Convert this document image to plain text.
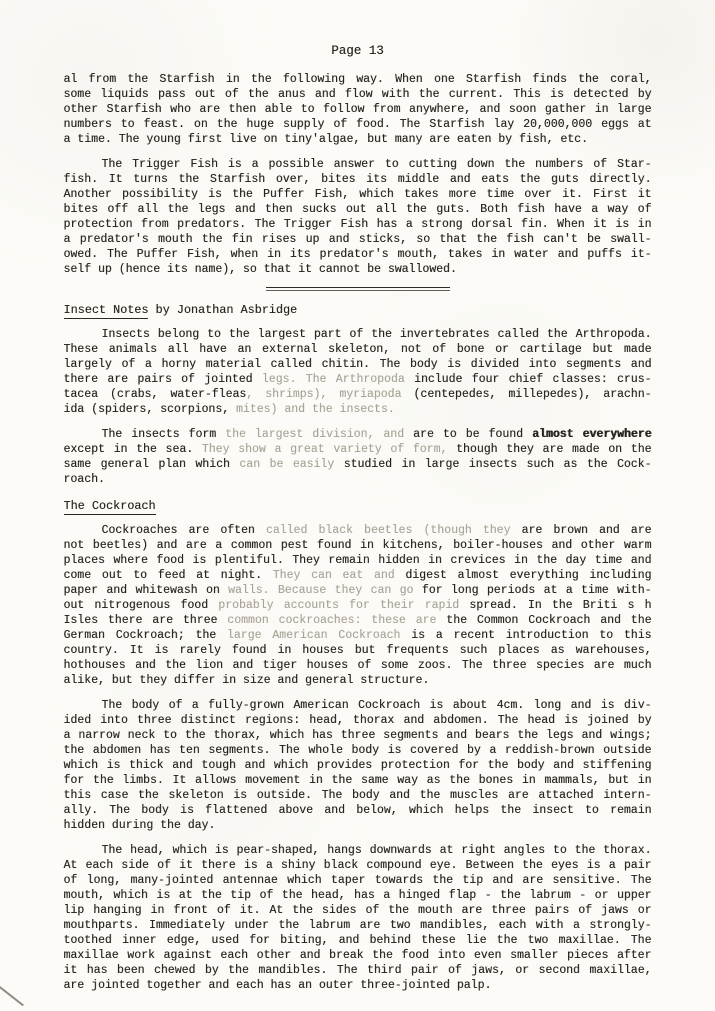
Page 13
al from the Starfish in the following way. When one Starfish finds the coral,
some liquids pass out of the anus and flow with the current. This is detected by
other Starfish who are then able to follow from anywhere, and soon gather in large
numbers to feast. on the huge supply of food. The Starfish lay 20,000,000 eggs at
a time. The young first live on tiny'algae, but many are eaten by fish, etc.
The Trigger Fish is a possible answer to cutting down the numbers of Star-
fish. It turns the Starfish over, bites its middle and eats the guts directly.
Another possibility is the Puffer Fish, which takes more time over it. First it
bites off all the legs and then sucks out all the guts. Both fish have a way of
protection from predators. The Trigger Fish has a strong dorsal fin. When it is in
a predator's mouth the fin rises up and sticks, so that the fish can't be swall-
owed. The Puffer Fish, when in its predator's mouth, takes in water and puffs it-
self up (hence its name), so that it cannot be swallowed.
Insect Notes by Jonathan Asbridge
Insects belong to the largest part of the invertebrates called the Arthropoda.
These animals all have an external skeleton, not of bone or cartilage but made
largely of a horny material called chitin. The body is divided into segments and
there are pairs of jointed legs. The Arthropoda include four chief classes: crus-
tacea (crabs, water-fleas, shrimps), myriapoda (centepedes, millepedes), arachn-
ida (spiders, scorpions, mites) and the insects.
The insects form the largest division, and are to be found almost everywhere
except in the sea. They show a great variety of form, though they are made on the
same general plan which can be easily studied in large insects such as the Cock-
roach.
The Cockroach
Cockroaches are often called black beetles (though they are brown and are
not beetles) and are a common pest found in kitchens, boiler-houses and other warm
places where food is plentiful. They remain hidden in crevices in the day time and
come out to feed at night. They can eat and digest almost everything including
paper and whitewash on walls. Because they can go for long periods at a time with-
out nitrogenous food probably accounts for their rapid spread. In the Briti s h
Isles there are three common cockroaches: these are the Common Cockroach and the
German Cockroach; the large American Cockroach is a recent introduction to this
country. It is rarely found in houses but frequents such places as warehouses,
hothouses and the lion and tiger houses of some zoos. The three species are much
alike, but they differ in size and general structure.
The body of a fully-grown American Cockroach is about 4cm. long and is div-
ided into three distinct regions: head, thorax and abdomen. The head is joined by
a narrow neck to the thorax, which has three segments and bears the legs and wings;
the abdomen has ten segments. The whole body is covered by a reddish-brown outside
which is thick and tough and which provides protection for the body and stiffening
for the limbs. It allows movement in the same way as the bones in mammals, but in
this case the skeleton is outside. The body and the muscles are attached intern-
ally. The body is flattened above and below, which helps the insect to remain
hidden during the day.
The head, which is pear-shaped, hangs downwards at right angles to the thorax.
At each side of it there is a shiny black compound eye. Between the eyes is a pair
of long, many-jointed antennae which taper towards the tip and are sensitive. The
mouth, which is at the tip of the head, has a hinged flap - the labrum - or upper
lip hanging in front of it. At the sides of the mouth are three pairs of jaws or
mouthparts. Immediately under the labrum are two mandibles, each with a strongly-
toothed inner edge, used for biting, and behind these lie the two maxillae. The
maxillae work against each other and break the food into even smaller pieces after
it has been chewed by the mandibles. The third pair of jaws, or second maxillae,
are jointed together and each has an outer three-jointed palp.
